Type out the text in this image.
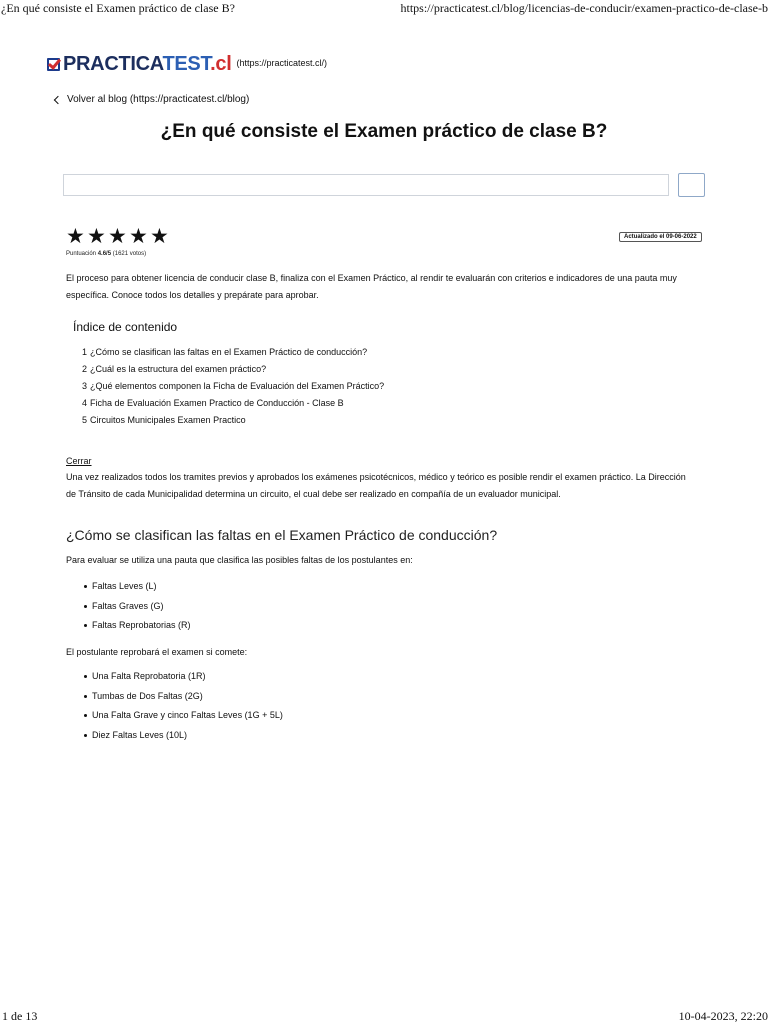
¿En qué consiste el Examen práctico de clase B?	https://practicatest.cl/blog/licencias-de-conducir/examen-practico-de-clase-b
PRACTICATEST.cl (https://practicatest.cl/)
Volver al blog (https://practicatest.cl/blog)
¿En qué consiste el Examen práctico de clase B?
★ ★ ★ ★ ★
Puntuación 4.6/5 (1621 votos)
Actualizado el 09-06-2022

El proceso para obtener licencia de conducir clase B, finaliza con el Examen Práctico, al rendir te evaluarán con criterios e indicadores de una pauta muy específica. Conoce todos los detalles y prepárate para aprobar.

Índice de contenido
1 ¿Cómo se clasifican las faltas en el Examen Práctico de conducción?
2 ¿Cuál es la estructura del examen práctico?
3 ¿Qué elementos componen la Ficha de Evaluación del Examen Práctico?
4 Ficha de Evaluación Examen Practico de Conducción - Clase B
5 Circuitos Municipales Examen Practico
Cerrar

Una vez realizados todos los tramites previos y aprobados los exámenes psicotécnicos, médico y teórico es posible rendir el examen práctico. La Dirección de Tránsito de cada Municipalidad determina un circuito, el cual debe ser realizado en compañía de un evaluador municipal.

¿Cómo se clasifican las faltas en el Examen Práctico de conducción?

Para evaluar se utiliza una pauta que clasifica las posibles faltas de los postulantes en:

Faltas Leves (L)
Faltas Graves (G)
Faltas Reprobatorias (R)

El postulante reprobará el examen si comete:

Una Falta Reprobatoria (1R)
Tumbas de Dos Faltas (2G)
Una Falta Grave y cinco Faltas Leves (1G + 5L)
Diez Faltas Leves (10L)
1 de 13	10-04-2023, 22:20
